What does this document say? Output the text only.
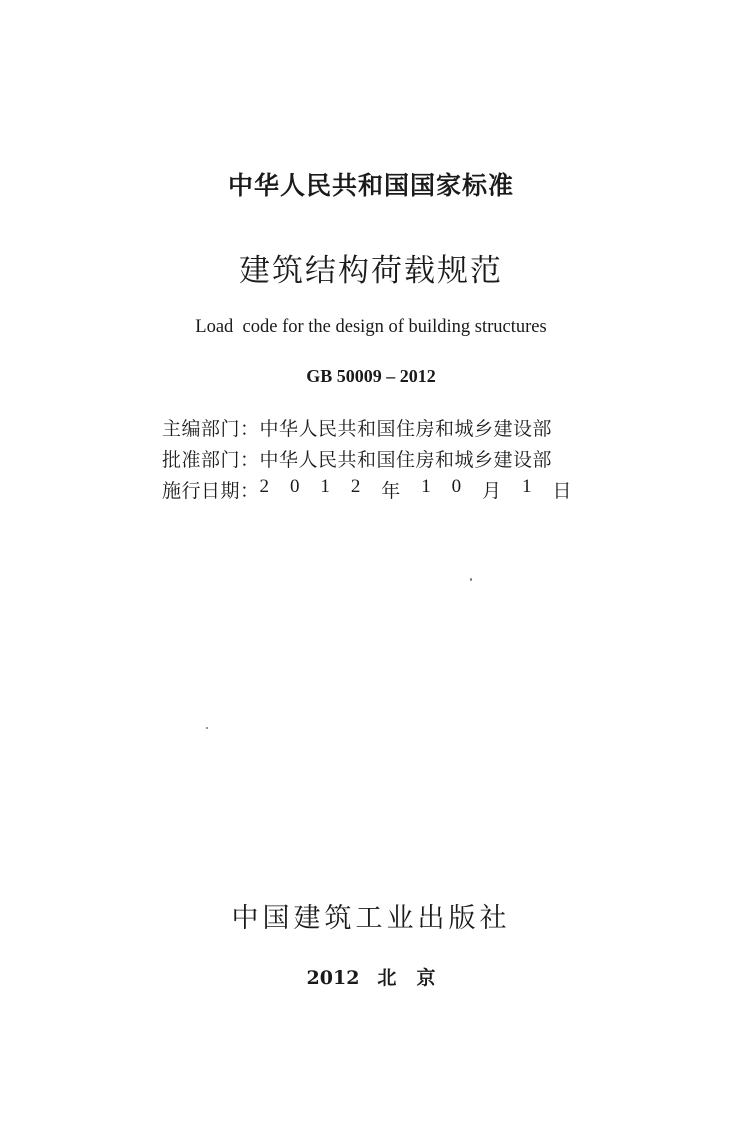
中华人民共和国国家标准
建筑结构荷载规范
Load  code for the design of building structures
GB 50009 – 2012
主编部门： 中华人民共和国住房和城乡建设部
批准部门： 中华人民共和国住房和城乡建设部
施行日期： 2 0 1 2 年 1 0 月 1 日
中国建筑工业出版社
2012 北 京
